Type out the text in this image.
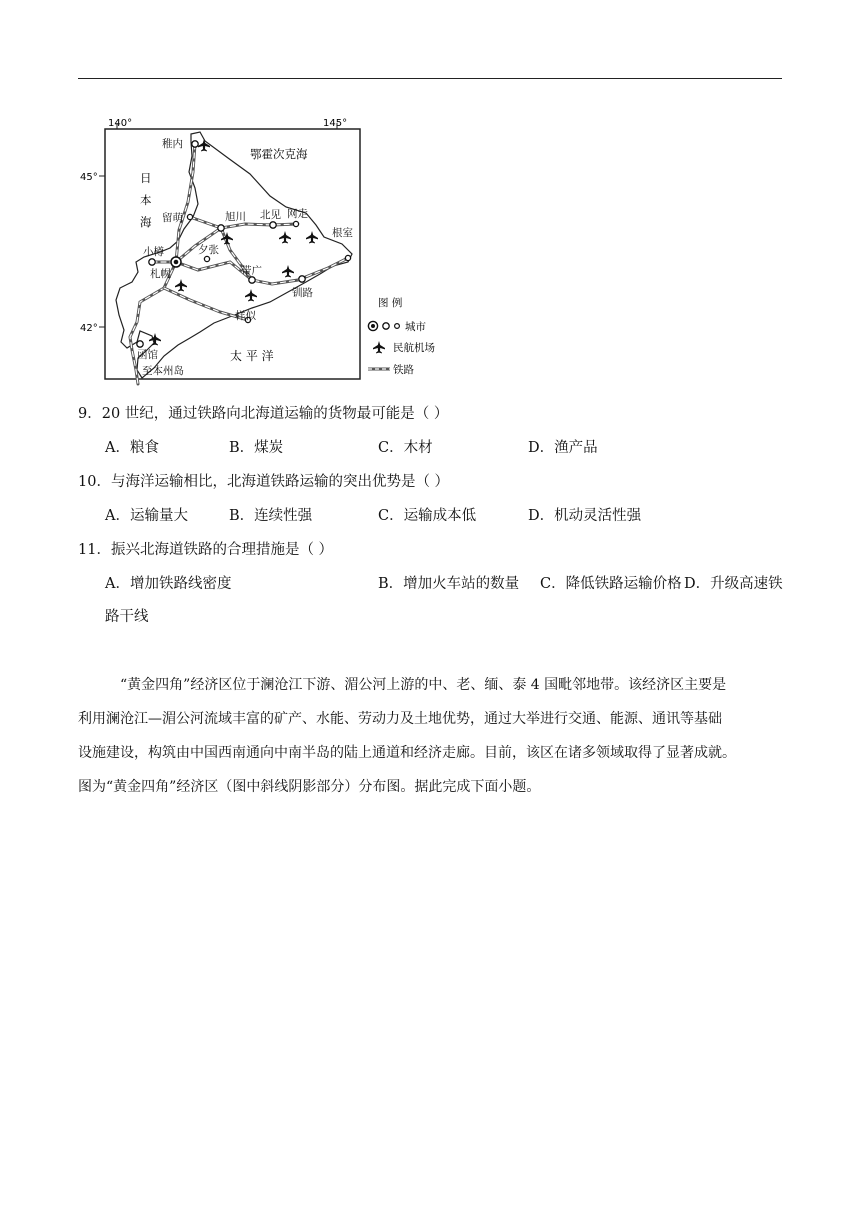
140°	145°
45°
42°
稚内
留萌	旭川 北见 网走
根室
小樽
札幌
夕张
带广
钏路
样似
函馆
至本州岛
鄂霍次克海
日
本
海
太 平 洋
图 例
城市
民航机场
铁路
9．20 世纪，通过铁路向北海道运输的货物最可能是（ ）
A．粮食	B．煤炭	C．木材	D．渔产品
10．与海洋运输相比，北海道铁路运输的突出优势是（ ）
A．运输量大	B．连续性强	C．运输成本低	D．机动灵活性强
11．振兴北海道铁路的合理措施是（ ）
A．增加铁路线密度	B．增加火车站的数量 C．降低铁路运输价格 D．升级高速铁
路干线
“黄金四角”经济区位于澜沧江下游、湄公河上游的中、老、缅、泰 4 国毗邻地带。该经济区主要是
利用澜沧江—湄公河流域丰富的矿产、水能、劳动力及土地优势，通过大举进行交通、能源、通讯等基础
设施建设，构筑由中国西南通向中南半岛的陆上通道和经济走廊。目前，该区在诸多领域取得了显著成就。
图为“黄金四角”经济区（图中斜线阴影部分）分布图。据此完成下面小题。
